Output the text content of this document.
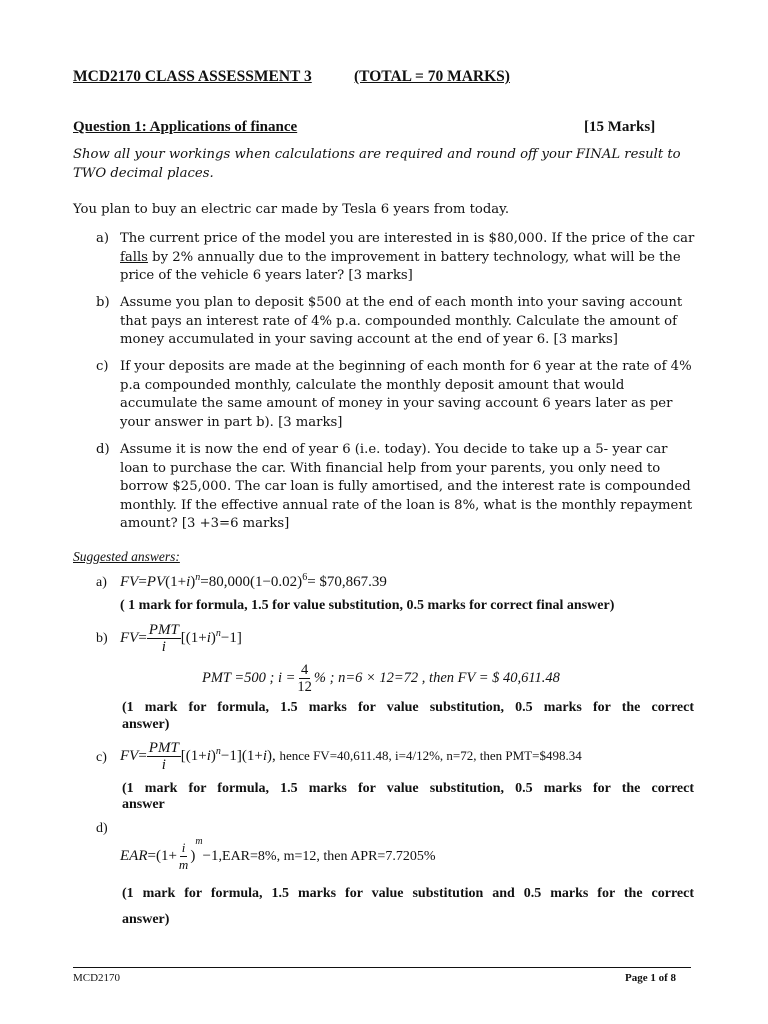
MCD2170 CLASS ASSESSMENT 3	(TOTAL = 70 MARKS)
Question 1: Applications of finance	[15 Marks]
Show all your workings when calculations are required and round off your FINAL result to TWO decimal places.
You plan to buy an electric car made by Tesla 6 years from today.
a) The current price of the model you are interested in is $80,000. If the price of the car falls by 2% annually due to the improvement in battery technology, what will be the price of the vehicle 6 years later? [3 marks]
b) Assume you plan to deposit $500 at the end of each month into your saving account that pays an interest rate of 4% p.a. compounded monthly. Calculate the amount of money accumulated in your saving account at the end of year 6. [3 marks]
c) If your deposits are made at the beginning of each month for 6 year at the rate of 4% p.a compounded monthly, calculate the monthly deposit amount that would accumulate the same amount of money in your saving account 6 years later as per your answer in part b). [3 marks]
d) Assume it is now the end of year 6 (i.e. today). You decide to take up a 5- year car loan to purchase the car. With financial help from your parents, you only need to borrow $25,000. The car loan is fully amortised, and the interest rate is compounded monthly. If the effective annual rate of the loan is 8%, what is the monthly repayment amount? [3 +3=6 marks]
Suggested answers:
a) $FV=PV(1+i)^n=80,000(1-0.02)^6=$ $70,867.39
( 1 mark for formula, 1.5 for value substitution, 0.5 marks for correct final answer)
b) $FV= \frac{\text{PMT}}{i} [(1+i)^n-1]$
PMT =500 ; $i = \frac{4}{12}$ % ; n=6 × 12=72 , then FV = $ 40,611.48
(1 mark for formula, 1.5 marks for value substitution, 0.5 marks for the correct
answer)
c) $FV= \frac{\text{PMT}}{i} [(1+i)^n-1](1+i)$, hence FV=40,611.48, i=4/12%, n=72, then PMT=$498.34
(1 mark for formula, 1.5 marks for value substitution, 0.5 marks for the correct
answer
d)
$EAR=(1+ \frac{i}{m} )^m-1,EAR=8\%$, m=12, then APR=7.7205%
(1 mark for formula, 1.5 marks for value substitution and 0.5 marks for the correct
answer)
MCD2170	Page 1 of 8
